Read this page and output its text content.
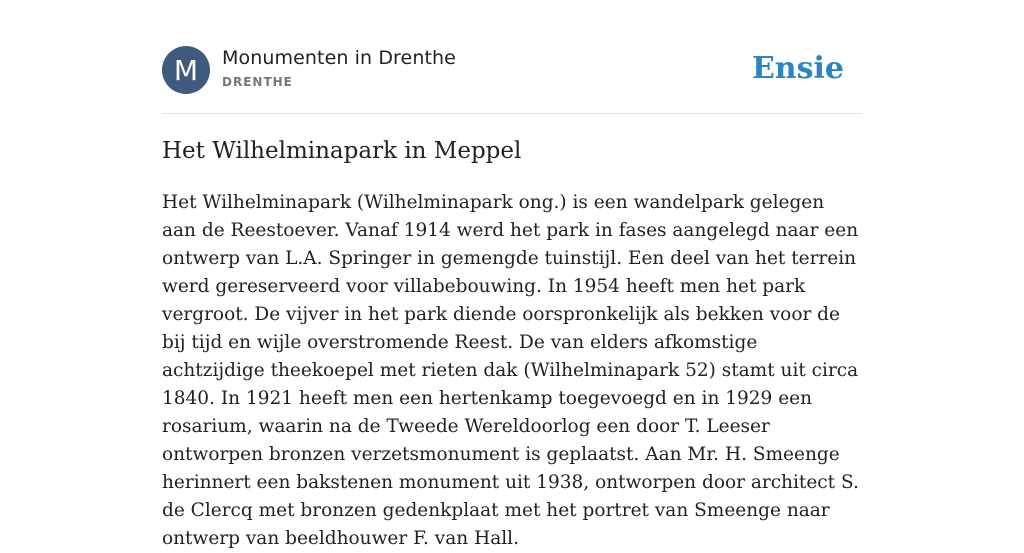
M	Monumenten in Drenthe
DRENTHE	Ensie
Het Wilhelminapark in Meppel

Het Wilhelminapark (Wilhelminapark ong.) is een wandelpark gelegen aan de Reestoever. Vanaf 1914 werd het park in fases aangelegd naar een ontwerp van L.A. Springer in gemengde tuinstijl. Een deel van het terrein werd gereserveerd voor villabebouwing. In 1954 heeft men het park vergroot. De vijver in het park diende oorspronkelijk als bekken voor de bij tijd en wijle overstromende Reest. De van elders afkomstige achtzijdige theekoepel met rieten dak (Wilhelminapark 52) stamt uit circa 1840. In 1921 heeft men een hertenkamp toegevoegd en in 1929 een rosarium, waarin na de Tweede Wereldoorlog een door T. Leeser ontworpen bronzen verzetsmonument is geplaatst. Aan Mr. H. Smeenge herinnert een bakstenen monument uit 1938, ontworpen door architect S. de Clercq met bronzen gedenkplaat met het portret van Smeenge naar ontwerp van beeldhouwer F. van Hall.
